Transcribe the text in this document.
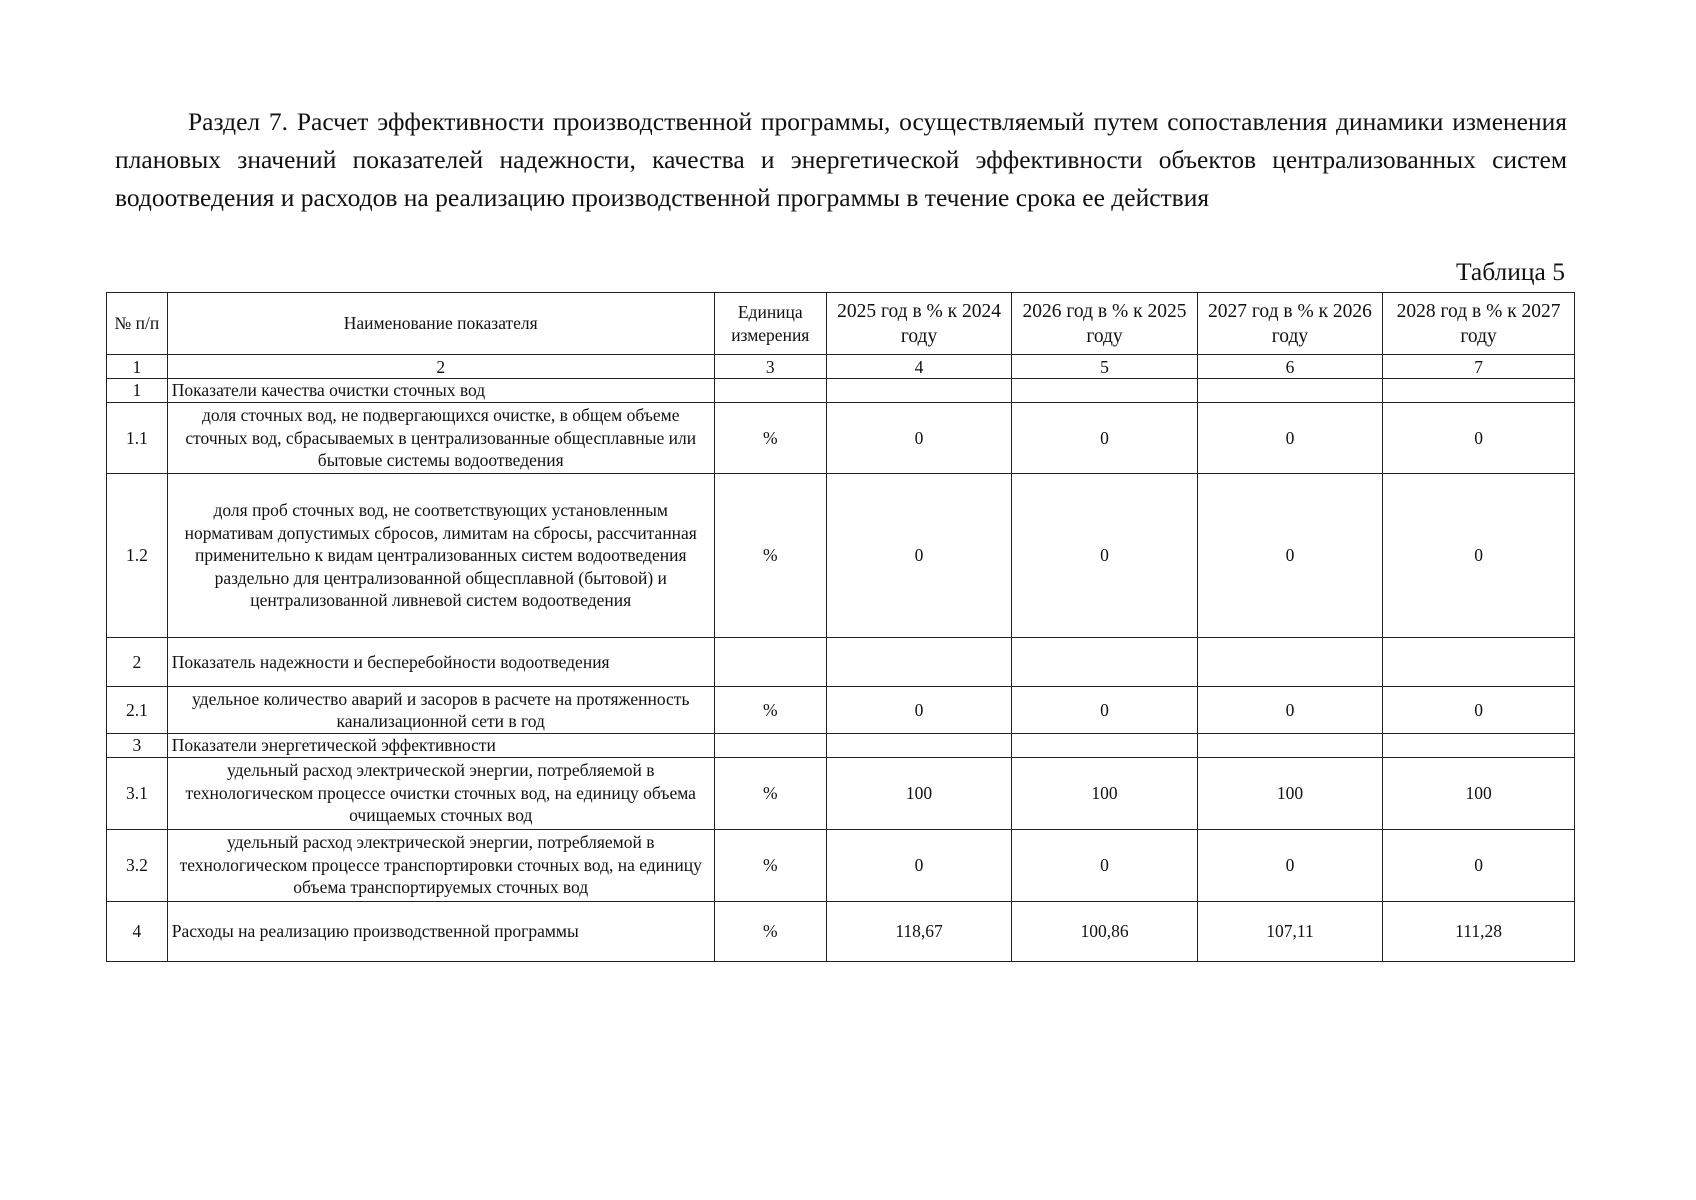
Раздел 7. Расчет эффективности производственной программы, осуществляемый путем сопоставления динамики изменения плановых значений показателей надежности, качества и энергетической эффективности объектов централизованных систем водоотведения и расходов на реализацию производственной программы в течение срока ее действия

Таблица 5
№ п/п	Наименование показателя	Единица измерения	2025 год в % к 2024 году	2026 год в % к 2025 году	2027 год в % к 2026 году	2028 год в % к 2027 году
1	2	3	4	5	6	7
1	Показатели качества очистки сточных вод					
1.1	доля сточных вод, не подвергающихся очистке, в общем объеме сточных вод, сбрасываемых в централизованные общесплавные или бытовые системы водоотведения	%	0	0	0	0
1.2	доля проб сточных вод, не соответствующих установленным нормативам допустимых сбросов, лимитам на сбросы, рассчитанная применительно к видам централизованных систем водоотведения раздельно для централизованной общесплавной (бытовой) и централизованной ливневой систем водоотведения	%	0	0	0	0
2	Показатель надежности и бесперебойности водоотведения					
2.1	удельное количество аварий и засоров в расчете на протяженность канализационной сети в год	%	0	0	0	0
3	Показатели энергетической эффективности					
3.1	удельный расход электрической энергии, потребляемой в технологическом процессе очистки сточных вод, на единицу объема очищаемых сточных вод	%	100	100	100	100
3.2	удельный расход электрической энергии, потребляемой в технологическом процессе транспортировки сточных вод, на единицу объема транспортируемых сточных вод	%	0	0	0	0
4	Расходы на реализацию производственной программы	%	118,67	100,86	107,11	111,28
